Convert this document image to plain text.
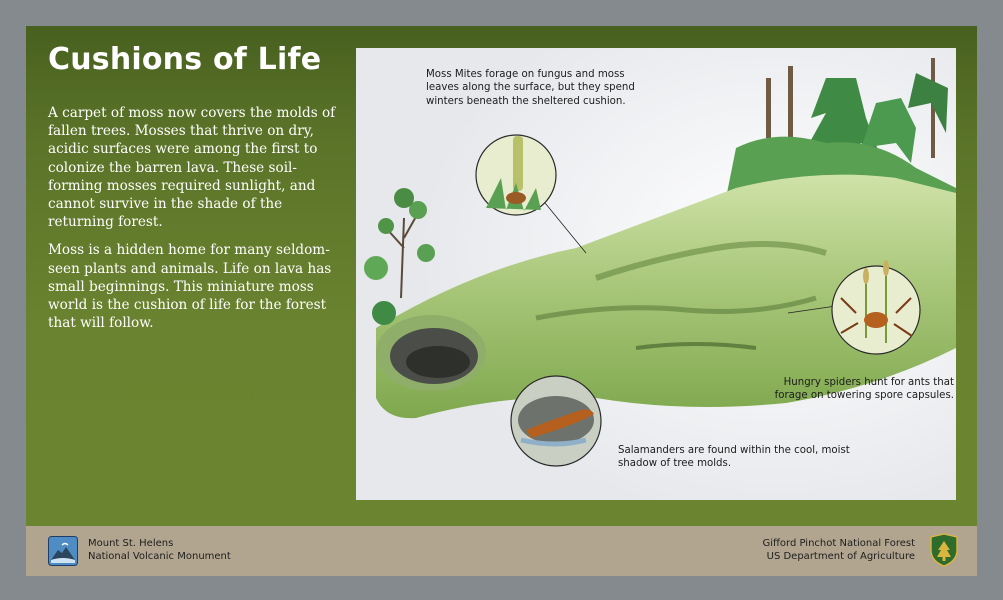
Cushions of Life

A carpet of moss now covers the molds of fallen trees. Mosses that thrive on dry, acidic surfaces were among the first to colonize the barren lava. These soil-forming mosses required sunlight, and cannot survive in the shade of the returning forest.

Moss is a hidden home for many seldom-seen plants and animals. Life on lava has small beginnings. This miniature moss world is the cushion of life for the forest that will follow.

Moss Mites forage on fungus and moss leaves along the surface, but they spend winters beneath the sheltered cushion.
Hungry spiders hunt for ants that forage on towering spore capsules.
Salamanders are found within the cool, moist shadow of tree molds.
Mount St. Helens
National Volcanic Monument
Gifford Pinchot National Forest
US Department of Agriculture
